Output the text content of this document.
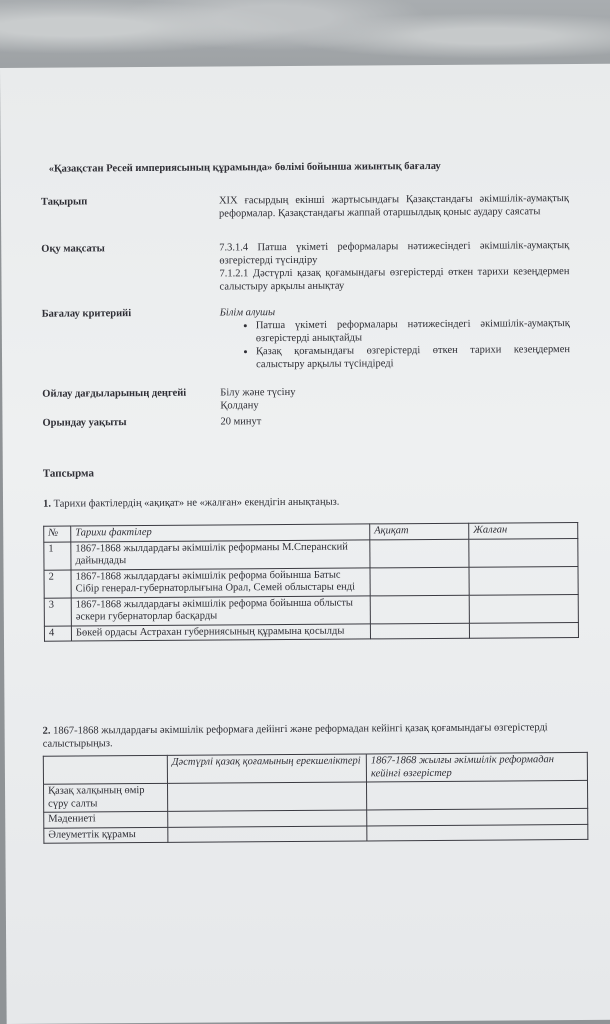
«Қазақстан Ресей империясының құрамында» бөлімі бойынша жиынтық бағалау
Тақырып	XIX ғасырдың екінші жартысындағы Қазақстандағы әкімшілік-аумақтық реформалар. Қазақстандағы жаппай отаршылдық қоныс аудару саясаты
Оқу мақсаты	7.3.1.4 Патша үкіметі реформалары нәтижесіндегі әкімшілік-аумақтық өзгерістерді түсіндіру
7.1.2.1 Дәстүрлі қазақ қоғамындағы өзгерістерді өткен тарихи кезеңдермен салыстыру арқылы анықтау
Бағалау критерийі	Білім алушы
• Патша үкіметі реформалары нәтижесіндегі әкімшілік-аумақтық өзгерістерді анықтайды
• Қазақ қоғамындағы өзгерістерді өткен тарихи кезеңдермен салыстыру арқылы түсіндіреді
Ойлау дағдыларының деңгейі	Білу және түсіну
Қолдану
Орындау уақыты	20 минут
Тапсырма
1. Тарихи фактілердің «ақиқат» не «жалған» екендігін анықтаңыз.
№	Тарихи фактілер	Ақиқат	Жалған
1	1867-1868 жылдардағы әкімшілік реформаны М.Сперанский дайындады		
2	1867-1868 жылдардағы әкімшілік реформа бойынша Батыс Сібір генерал-губернаторлығына Орал, Семей облыстары енді		
3	1867-1868 жылдардағы әкімшілік реформа бойынша облысты әскери губернаторлар басқарды		
4	Бөкей ордасы Астрахан губерниясының құрамына қосылды		
2. 1867-1868 жылдардағы әкімшілік реформаға дейінгі және реформадан кейінгі қазақ қоғамындағы өзгерістерді салыстырыңыз.
	Дәстүрлі қазақ қоғамының ерекшеліктері	1867-1868 жылғы әкімшілік реформадан кейінгі өзгерістер
Қазақ халқының өмір сүру салты		
Мәдениеті		
Әлеуметтік құрамы		
